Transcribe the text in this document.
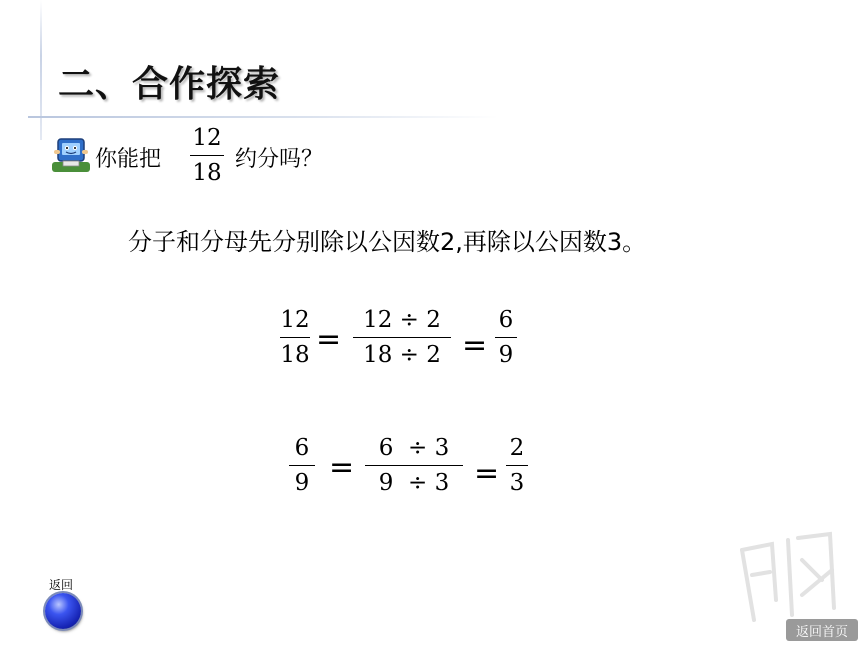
二、合作探索
你能把
12
18
约分吗？
分子和分母先分别除以公因数2,再除以公因数3。
12
18 =
12 ÷ 2
18 ÷ 2 =
6
9
6
9 =
6  ÷ 3
9  ÷ 3 =
2
3
返回
返回首页
